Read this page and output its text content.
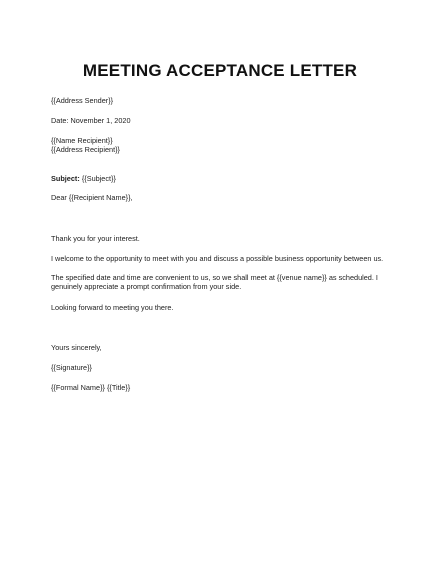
MEETING ACCEPTANCE LETTER
{{Address Sender}}
Date: November 1, 2020
{{Name Recipient}}
{{Address Recipient}}
Subject: {{Subject}}
Dear {{Recipient Name}},
Thank you for your interest.
I welcome to the opportunity to meet with you and discuss a possible business opportunity between us.
The specified date and time are convenient to us, so we shall meet at {{venue name}} as scheduled. I
genuinely appreciate a prompt confirmation from your side.
Looking forward to meeting you there.
Yours sincerely,
{{Signature}}
{{Formal Name}} {{Title}}
